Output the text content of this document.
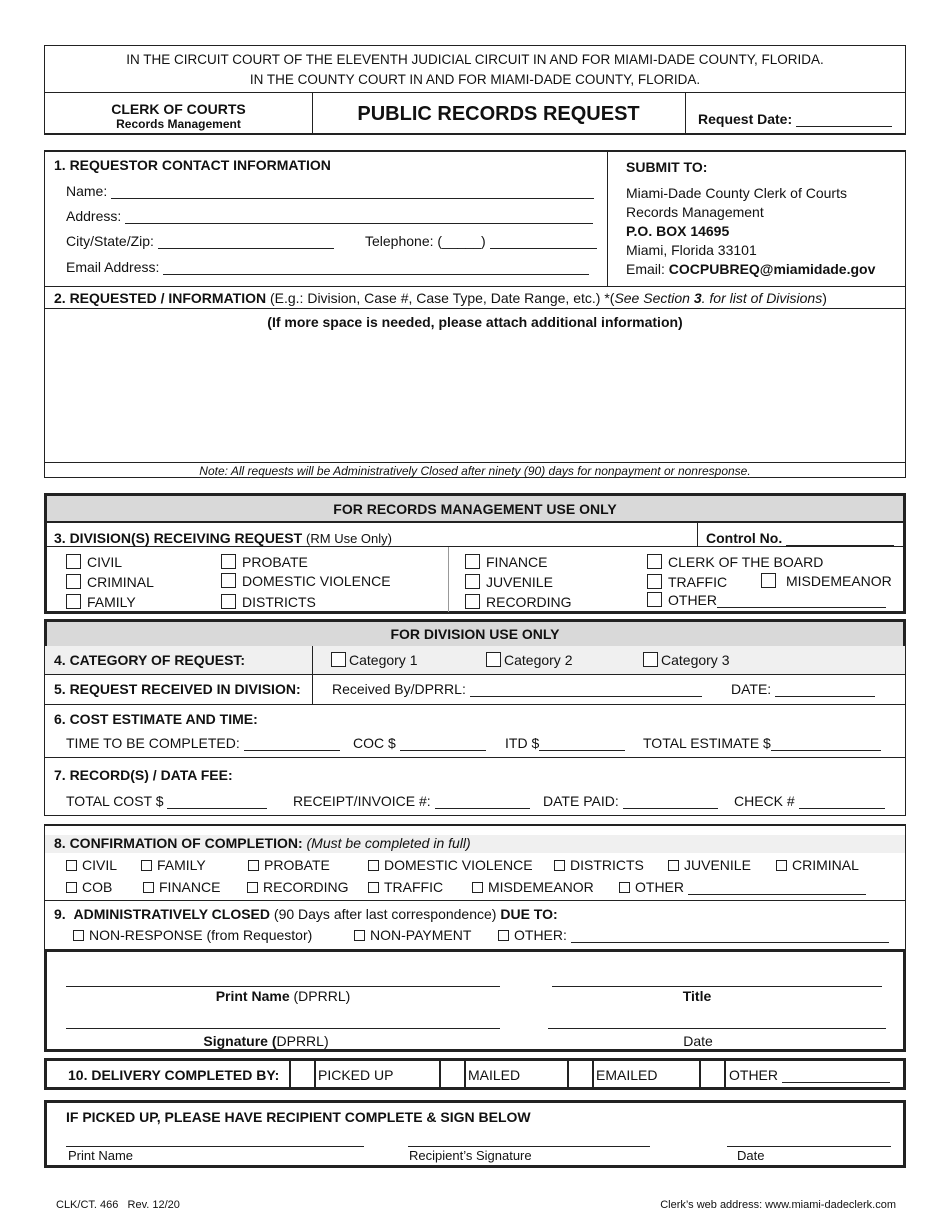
IN THE CIRCUIT COURT OF THE ELEVENTH JUDICIAL CIRCUIT IN AND FOR MIAMI-DADE COUNTY, FLORIDA.
IN THE COUNTY COURT IN AND FOR MIAMI-DADE COUNTY, FLORIDA.
CLERK OF COURTS
Records Management	PUBLIC RECORDS REQUEST	Request Date:
1. REQUESTOR CONTACT INFORMATION
Name:
Address:
City/State/Zip:	Telephone: (_____)
Email Address:
SUBMIT TO:
Miami-Dade County Clerk of Courts
Records Management
P.O. BOX 14695
Miami, Florida 33101
Email: COCPUBREQ@miamidade.gov
2. REQUESTED / INFORMATION (E.g.: Division, Case #, Case Type, Date Range, etc.) *(See Section 3. for list of Divisions)
(If more space is needed, please attach additional information)
Note: All requests will be Administratively Closed after ninety (90) days for nonpayment or nonresponse.
FOR RECORDS MANAGEMENT USE ONLY
3. DIVISION(S) RECEIVING REQUEST (RM Use Only)	Control No.
CIVIL
CRIMINAL
FAMILY
PROBATE
DOMESTIC VIOLENCE
DISTRICTS
FINANCE
JUVENILE
RECORDING
CLERK OF THE BOARD
TRAFFIC	MISDEMEANOR
OTHER
FOR DIVISION USE ONLY
4. CATEGORY OF REQUEST:	Category 1	Category 2	Category 3
5. REQUEST RECEIVED IN DIVISION: Received By/DPRRL:	DATE:
6. COST ESTIMATE AND TIME:
TIME TO BE COMPLETED:	COC $	ITD $	TOTAL ESTIMATE $
7. RECORD(S) / DATA FEE:
TOTAL COST $	RECEIPT/INVOICE #:	DATE PAID:	CHECK #
8. CONFIRMATION OF COMPLETION: (Must be completed in full)
CIVIL	FAMILY	PROBATE	DOMESTIC VIOLENCE	DISTRICTS	JUVENILE	CRIMINAL
COB	FINANCE	RECORDING	TRAFFIC	MISDEMEANOR	OTHER
9. ADMINISTRATIVELY CLOSED (90 Days after last correspondence) DUE TO:
NON-RESPONSE (from Requestor)	NON-PAYMENT	OTHER:
Print Name (DPRRL)	Title
Signature (DPRRL)	Date
10. DELIVERY COMPLETED BY:	PICKED UP	MAILED	EMAILED	OTHER
IF PICKED UP, PLEASE HAVE RECIPIENT COMPLETE & SIGN BELOW
Print Name	Recipient’s Signature	Date
CLK/CT. 466   Rev. 12/20	Clerk’s web address: www.miami-dadeclerk.com
